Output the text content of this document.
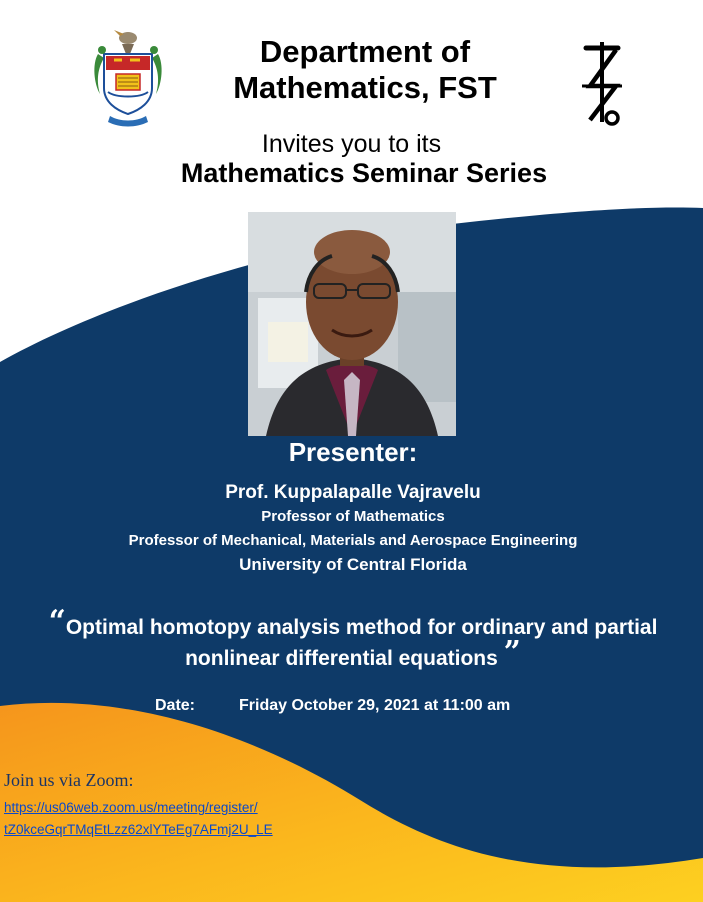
Department of Mathematics, FST
Invites you to its
Mathematics Seminar Series
Presenter:
Prof. Kuppalapalle Vajravelu
Professor of Mathematics
Professor of Mechanical, Materials and Aerospace Engineering
University of Central Florida
“Optimal homotopy analysis method for ordinary and partial nonlinear differential equations ”
Date:	Friday October 29, 2021 at 11:00 am
Join us via Zoom:
https://us06web.zoom.us/meeting/register/
tZ0kceGqrTMqEtLzz62xlYTeEg7AFmj2U_LE
